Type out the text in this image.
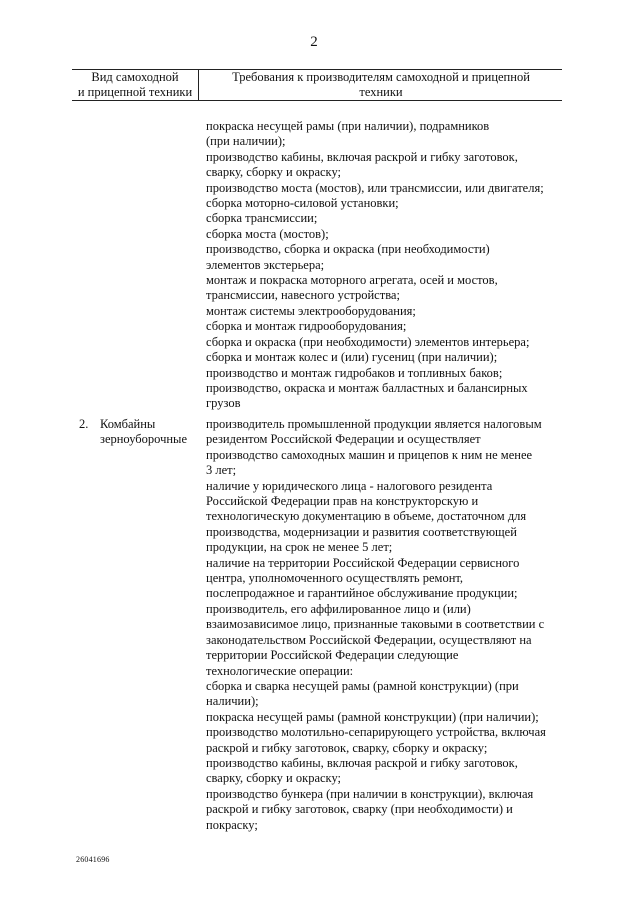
2
Вид самоходной
и прицепной техники
Требования к производителям самоходной и прицепной
техники
покраска несущей рамы (при наличии), подрамников
(при наличии);
производство кабины, включая раскрой и гибку заготовок,
сварку, сборку и окраску;
производство моста (мостов), или трансмиссии, или двигателя;
сборка моторно-силовой установки;
сборка трансмиссии;
сборка моста (мостов);
производство, сборка и окраска (при необходимости)
элементов экстерьера;
монтаж и покраска моторного агрегата, осей и мостов,
трансмиссии, навесного устройства;
монтаж системы электрооборудования;
сборка и монтаж гидрооборудования;
сборка и окраска (при необходимости) элементов интерьера;
сборка и монтаж колес и (или) гусениц (при наличии);
производство и монтаж гидробаков и топливных баков;
производство, окраска и монтаж балластных и балансирных
грузов
2. Комбайны
зерноуборочные
производитель промышленной продукции является налоговым
резидентом Российской Федерации и осуществляет
производство самоходных машин и прицепов к ним не менее
3 лет;
наличие у юридического лица - налогового резидента
Российской Федерации прав на конструкторскую и
технологическую документацию в объеме, достаточном для
производства, модернизации и развития соответствующей
продукции, на срок не менее 5 лет;
наличие на территории Российской Федерации сервисного
центра, уполномоченного осуществлять ремонт,
послепродажное и гарантийное обслуживание продукции;
производитель, его аффилированное лицо и (или)
взаимозависимое лицо, признанные таковыми в соответствии с
законодательством Российской Федерации, осуществляют на
территории Российской Федерации следующие
технологические операции:
сборка и сварка несущей рамы (рамной конструкции) (при
наличии);
покраска несущей рамы (рамной конструкции) (при наличии);
производство молотильно-сепарирующего устройства, включая
раскрой и гибку заготовок, сварку, сборку и окраску;
производство кабины, включая раскрой и гибку заготовок,
сварку, сборку и окраску;
производство бункера (при наличии в конструкции), включая
раскрой и гибку заготовок, сварку (при необходимости) и
покраску;
26041696
